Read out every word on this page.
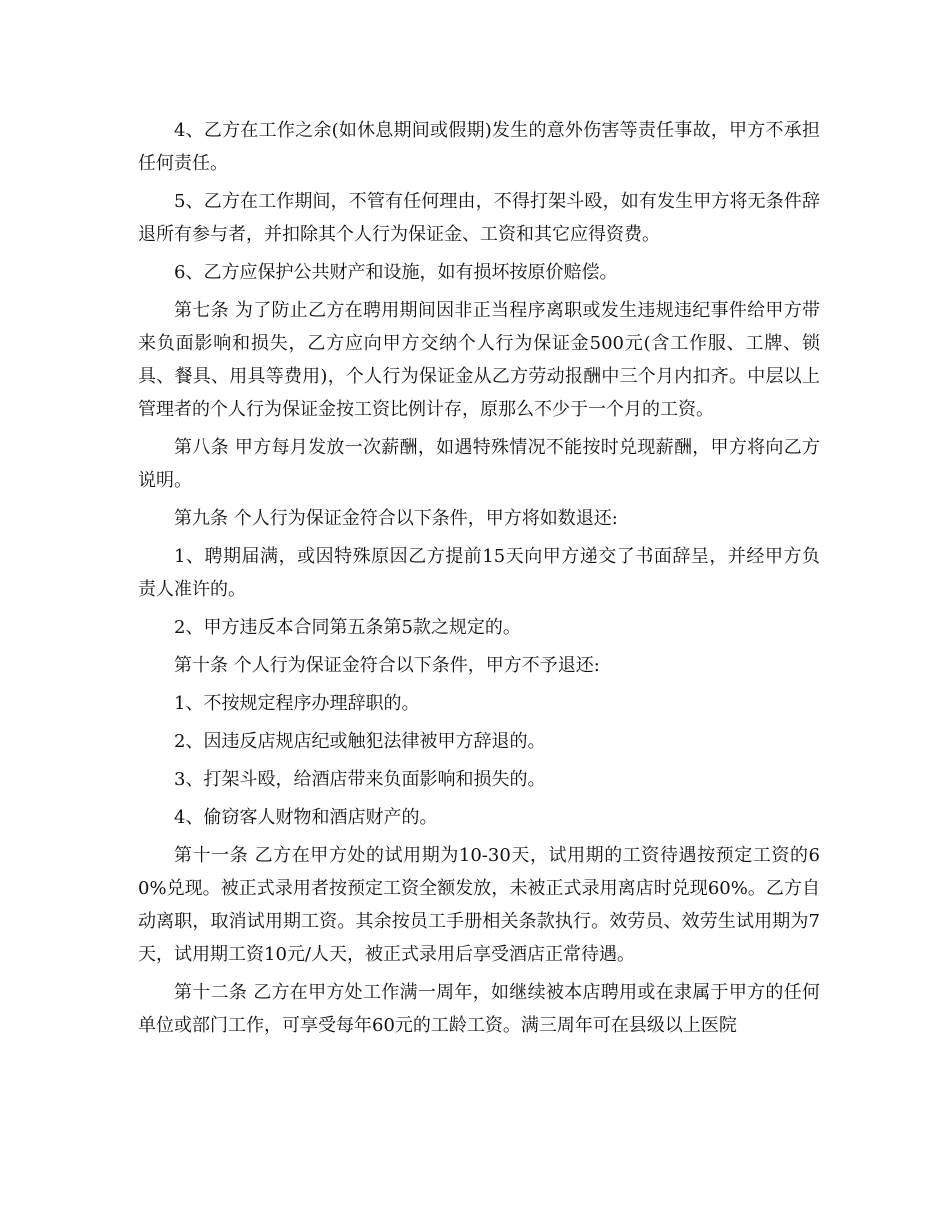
4、乙方在工作之余(如休息期间或假期)发生的意外伤害等责任事故，甲方不承担任何责任。

5、乙方在工作期间，不管有任何理由，不得打架斗殴，如有发生甲方将无条件辞退所有参与者，并扣除其个人行为保证金、工资和其它应得资费。

6、乙方应保护公共财产和设施，如有损坏按原价赔偿。

第七条 为了防止乙方在聘用期间因非正当程序离职或发生违规违纪事件给甲方带来负面影响和损失，乙方应向甲方交纳个人行为保证金500元(含工作服、工牌、锁具、餐具、用具等费用)，个人行为保证金从乙方劳动报酬中三个月内扣齐。中层以上管理者的个人行为保证金按工资比例计存，原那么不少于一个月的工资。

第八条 甲方每月发放一次薪酬，如遇特殊情况不能按时兑现薪酬，甲方将向乙方说明。

第九条 个人行为保证金符合以下条件，甲方将如数退还:

1、聘期届满，或因特殊原因乙方提前15天向甲方递交了书面辞呈，并经甲方负责人准许的。

2、甲方违反本合同第五条第5款之规定的。

第十条 个人行为保证金符合以下条件，甲方不予退还:

1、不按规定程序办理辞职的。

2、因违反店规店纪或触犯法律被甲方辞退的。

3、打架斗殴，给酒店带来负面影响和损失的。

4、偷窃客人财物和酒店财产的。

第十一条 乙方在甲方处的试用期为10-30天，试用期的工资待遇按预定工资的60%兑现。被正式录用者按预定工资全额发放，未被正式录用离店时兑现60%。乙方自动离职，取消试用期工资。其余按员工手册相关条款执行。效劳员、效劳生试用期为7天，试用期工资10元/人天，被正式录用后享受酒店正常待遇。

第十二条 乙方在甲方处工作满一周年，如继续被本店聘用或在隶属于甲方的任何单位或部门工作，可享受每年60元的工龄工资。满三周年可在县级以上医院
